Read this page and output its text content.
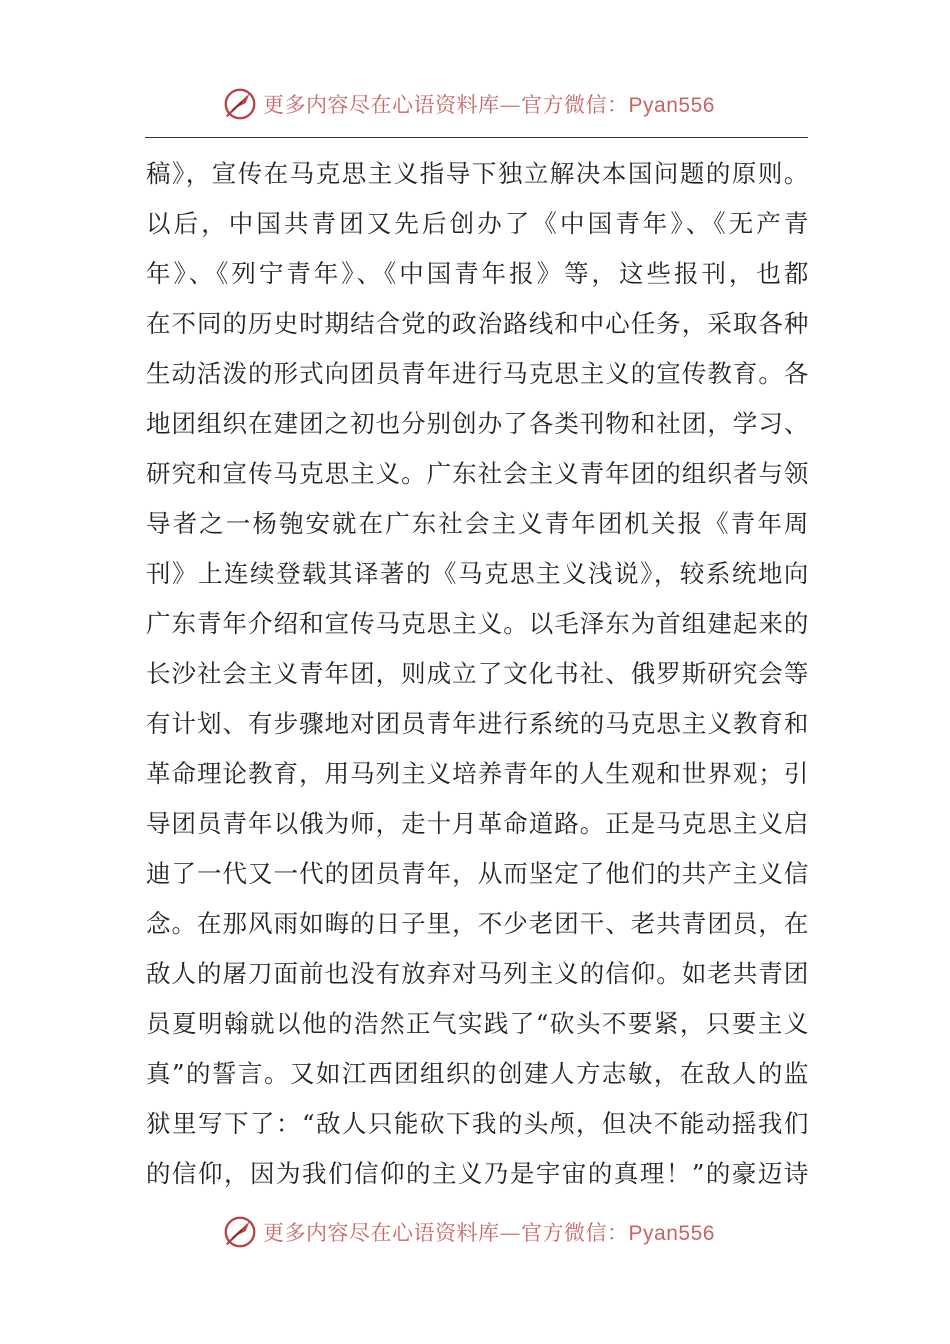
更多内容尽在心语资料库—官方微信：Pyan556
稿》，宣传在马克思主义指导下独立解决本国问题的原则。
以后，中国共青团又先后创办了《中国青年》、《无产青
年》、《列宁青年》、《中国青年报》等，这些报刊，也都
在不同的历史时期结合党的政治路线和中心任务，采取各种
生动活泼的形式向团员青年进行马克思主义的宣传教育。各
地团组织在建团之初也分别创办了各类刊物和社团，学习、
研究和宣传马克思主义。广东社会主义青年团的组织者与领
导者之一杨匏安就在广东社会主义青年团机关报《青年周
刊》上连续登载其译著的《马克思主义浅说》，较系统地向
广东青年介绍和宣传马克思主义。以毛泽东为首组建起来的
长沙社会主义青年团，则成立了文化书社、俄罗斯研究会等
有计划、有步骤地对团员青年进行系统的马克思主义教育和
革命理论教育，用马列主义培养青年的人生观和世界观；引
导团员青年以俄为师，走十月革命道路。正是马克思主义启
迪了一代又一代的团员青年，从而坚定了他们的共产主义信
念。在那风雨如晦的日子里，不少老团干、老共青团员，在
敌人的屠刀面前也没有放弃对马列主义的信仰。如老共青团
员夏明翰就以他的浩然正气实践了“砍头不要紧，只要主义
真”的誓言。又如江西团组织的创建人方志敏，在敌人的监
狱里写下了：“敌人只能砍下我的头颅，但决不能动摇我们
的信仰，因为我们信仰的主义乃是宇宙的真理！”的豪迈诗
更多内容尽在心语资料库—官方微信：Pyan556
